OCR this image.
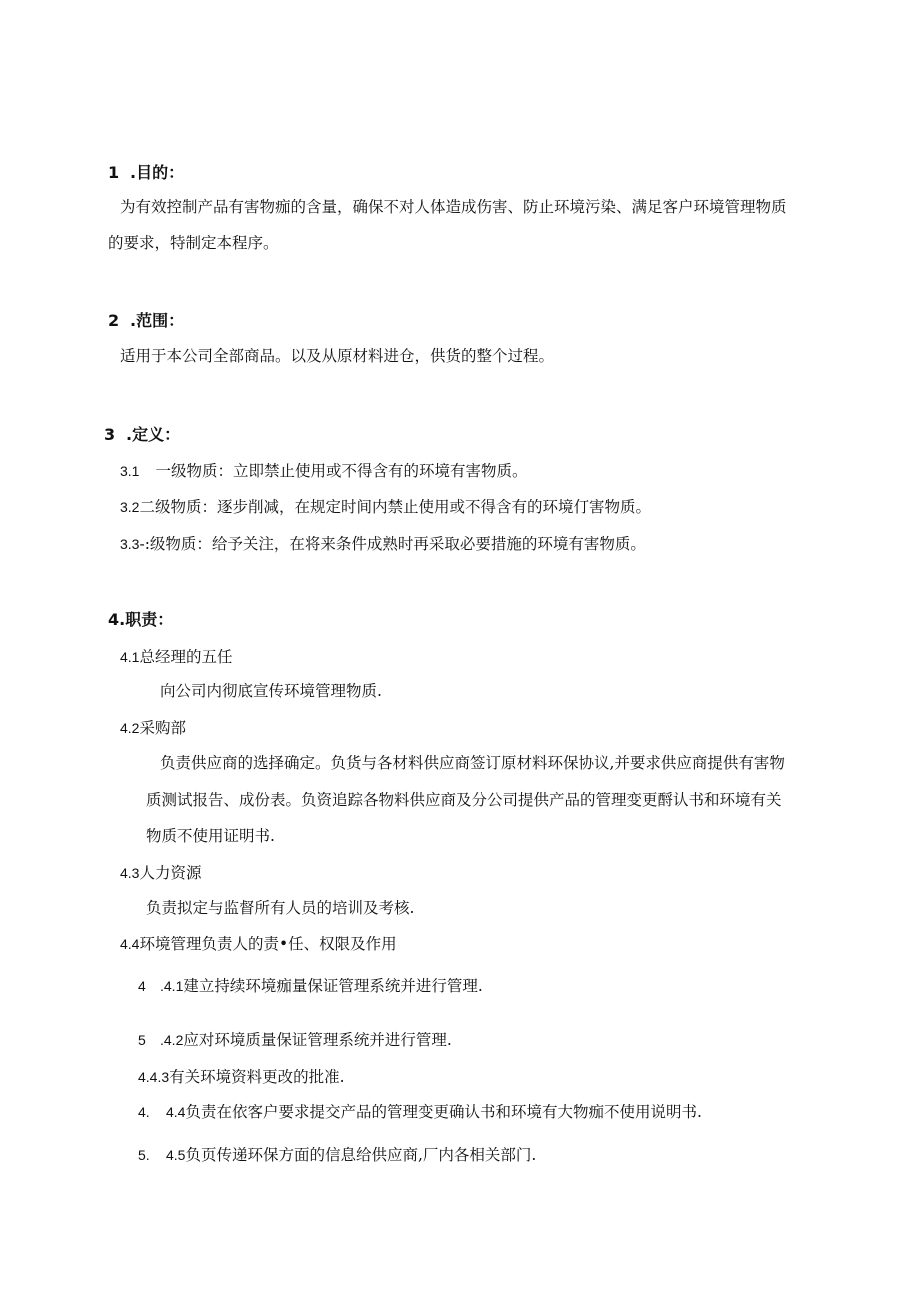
1 .目的：
为有效控制产品有害物痂的含量，确保不对人体造成伤害、防止环境污染、满足客户环境管理物质
的要求，特制定本程序。
2 .范围：
适用于本公司全部商品。以及从原材料进仓，供货的整个过程。
3 .定义：
3.1 一级物质：立即禁止使用或不得含有的环境有害物质。
3.2二级物质：逐步削减，在规定时间内禁止使用或不得含有的环境仃害物质。
3.3-:级物质：给予关注，在将来条件成熟时再采取必要措施的环境有害物质。
4.职责：
4.1总经理的五任
向公司内彻底宣传环境管理物质.
4.2采购部
负责供应商的选择确定。负货与各材料供应商签订原材料环保协议,并要求供应商提供有害物
质测试报告、成份表。负资追踪各物料供应商及分公司提供产品的管理变更酹认书和环境有关
物质不使用证明书.
4.3人力资源
负责拟定与监督所有人员的培训及考核.
4.4环境管理负责人的责•任、权限及作用
4 .4.1建立持续环境痂量保证管理系统并进行管理.
5 .4.2应对环境质量保证管理系统并进行管理.
4.4.3有关环境资料更改的批准.
4. 4.4负责在依客户要求提交产品的管理变更确认书和环境有大物痂不使用说明书.
5. 4.5负页传递环保方面的信息给供应商,厂内各相关部门.
